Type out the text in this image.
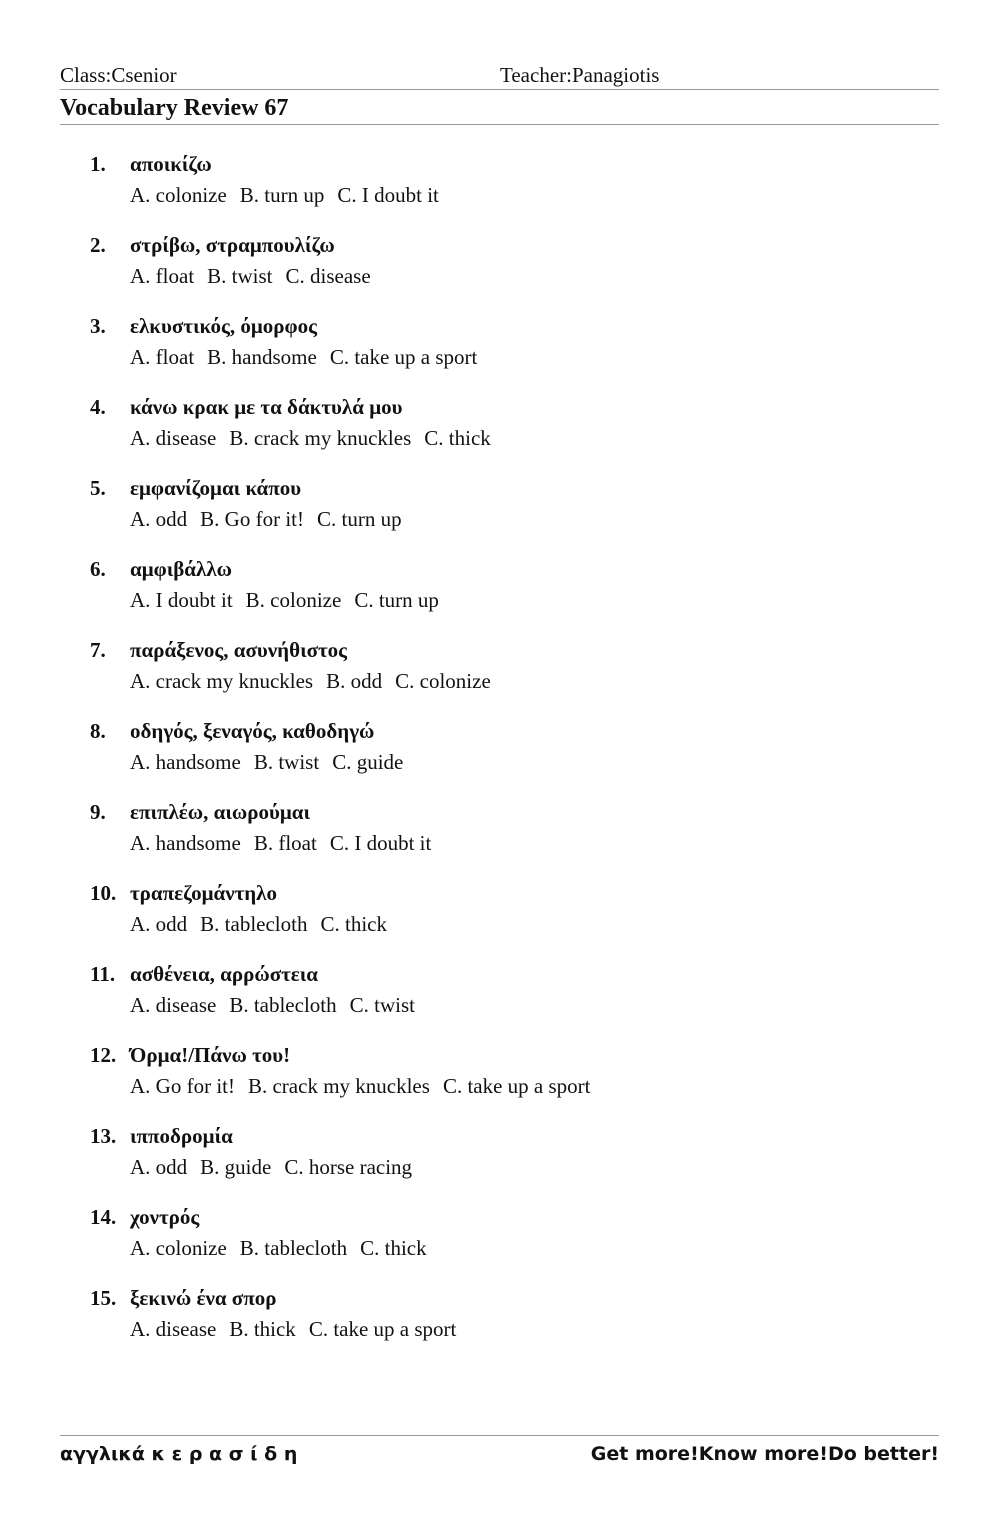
Class:Csenior	Teacher:Panagiotis
Vocabulary Review 67
1. αποικίζω
A. colonize B. turn up C. I doubt it
2. στρίβω, στραμπουλίζω
A. float B. twist C. disease
3. ελκυστικός, όμορφος
A. float B. handsome C. take up a sport
4. κάνω κρακ με τα δάκτυλά μου
A. disease B. crack my knuckles C. thick
5. εμφανίζομαι κάπου
A. odd B. Go for it! C. turn up
6. αμφιβάλλω
A. I doubt it B. colonize C. turn up
7. παράξενος, ασυνήθιστος
A. crack my knuckles B. odd C. colonize
8. οδηγός, ξεναγός, καθοδηγώ
A. handsome B. twist C. guide
9. επιπλέω, αιωρούμαι
A. handsome B. float C. I doubt it
10. τραπεζομάντηλο
A. odd B. tablecloth C. thick
11. ασθένεια, αρρώστεια
A. disease B. tablecloth C. twist
12. Όρμα!/Πάνω του!
A. Go for it! B. crack my knuckles C. take up a sport
13. ιπποδρομία
A. odd B. guide C. horse racing
14. χοντρός
A. colonize B. tablecloth C. thick
15. ξεκινώ ένα σπορ
A. disease B. thick C. take up a sport
αγγλικά κ ε ρ α σ ί δ η	Get more!Know more!Do better!
